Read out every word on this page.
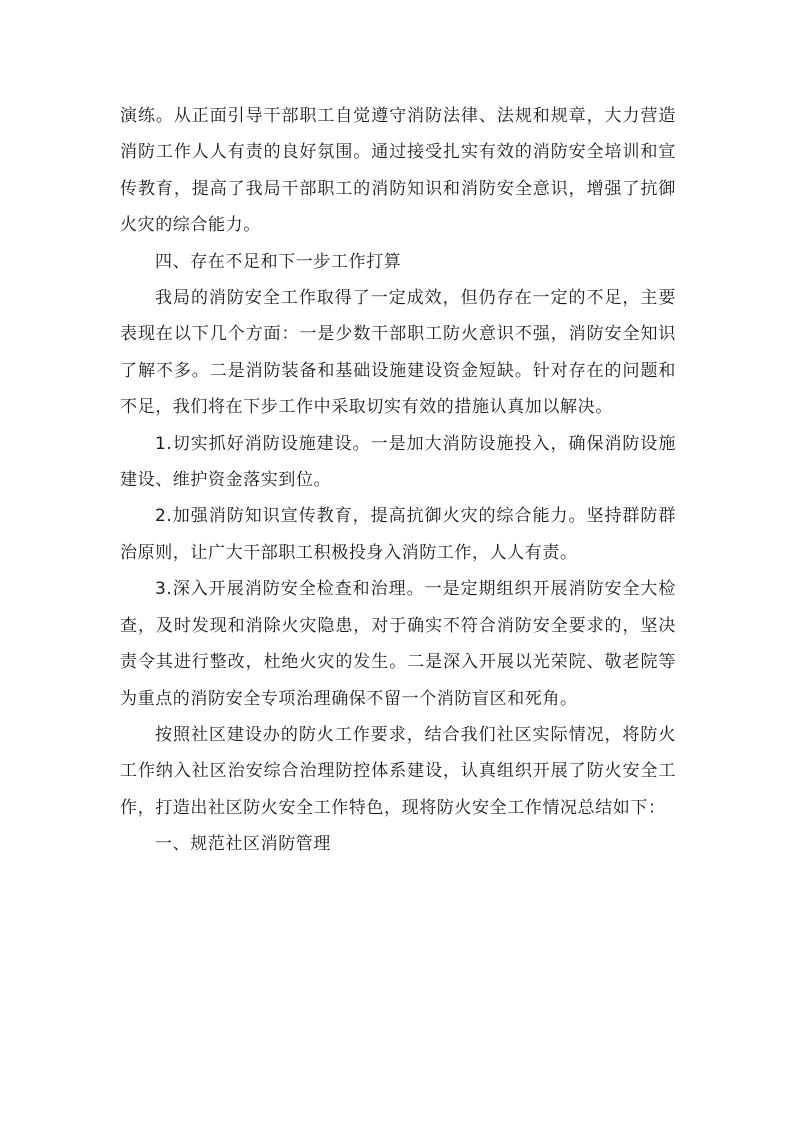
演练。从正面引导干部职工自觉遵守消防法律、法规和规章，大力营造消防工作人人有责的良好氛围。通过接受扎实有效的消防安全培训和宣传教育，提高了我局干部职工的消防知识和消防安全意识，增强了抗御火灾的综合能力。

四、存在不足和下一步工作打算

我局的消防安全工作取得了一定成效，但仍存在一定的不足，主要表现在以下几个方面：一是少数干部职工防火意识不强，消防安全知识了解不多。二是消防装备和基础设施建设资金短缺。针对存在的问题和不足，我们将在下步工作中采取切实有效的措施认真加以解决。

1.切实抓好消防设施建设。一是加大消防设施投入，确保消防设施建设、维护资金落实到位。

2.加强消防知识宣传教育，提高抗御火灾的综合能力。坚持群防群治原则，让广大干部职工积极投身入消防工作，人人有责。

3.深入开展消防安全检查和治理。一是定期组织开展消防安全大检查，及时发现和消除火灾隐患，对于确实不符合消防安全要求的，坚决责令其进行整改，杜绝火灾的发生。二是深入开展以光荣院、敬老院等为重点的消防安全专项治理确保不留一个消防盲区和死角。

按照社区建设办的防火工作要求，结合我们社区实际情况，将防火工作纳入社区治安综合治理防控体系建设，认真组织开展了防火安全工作，打造出社区防火安全工作特色，现将防火安全工作情况总结如下：

一、规范社区消防管理
